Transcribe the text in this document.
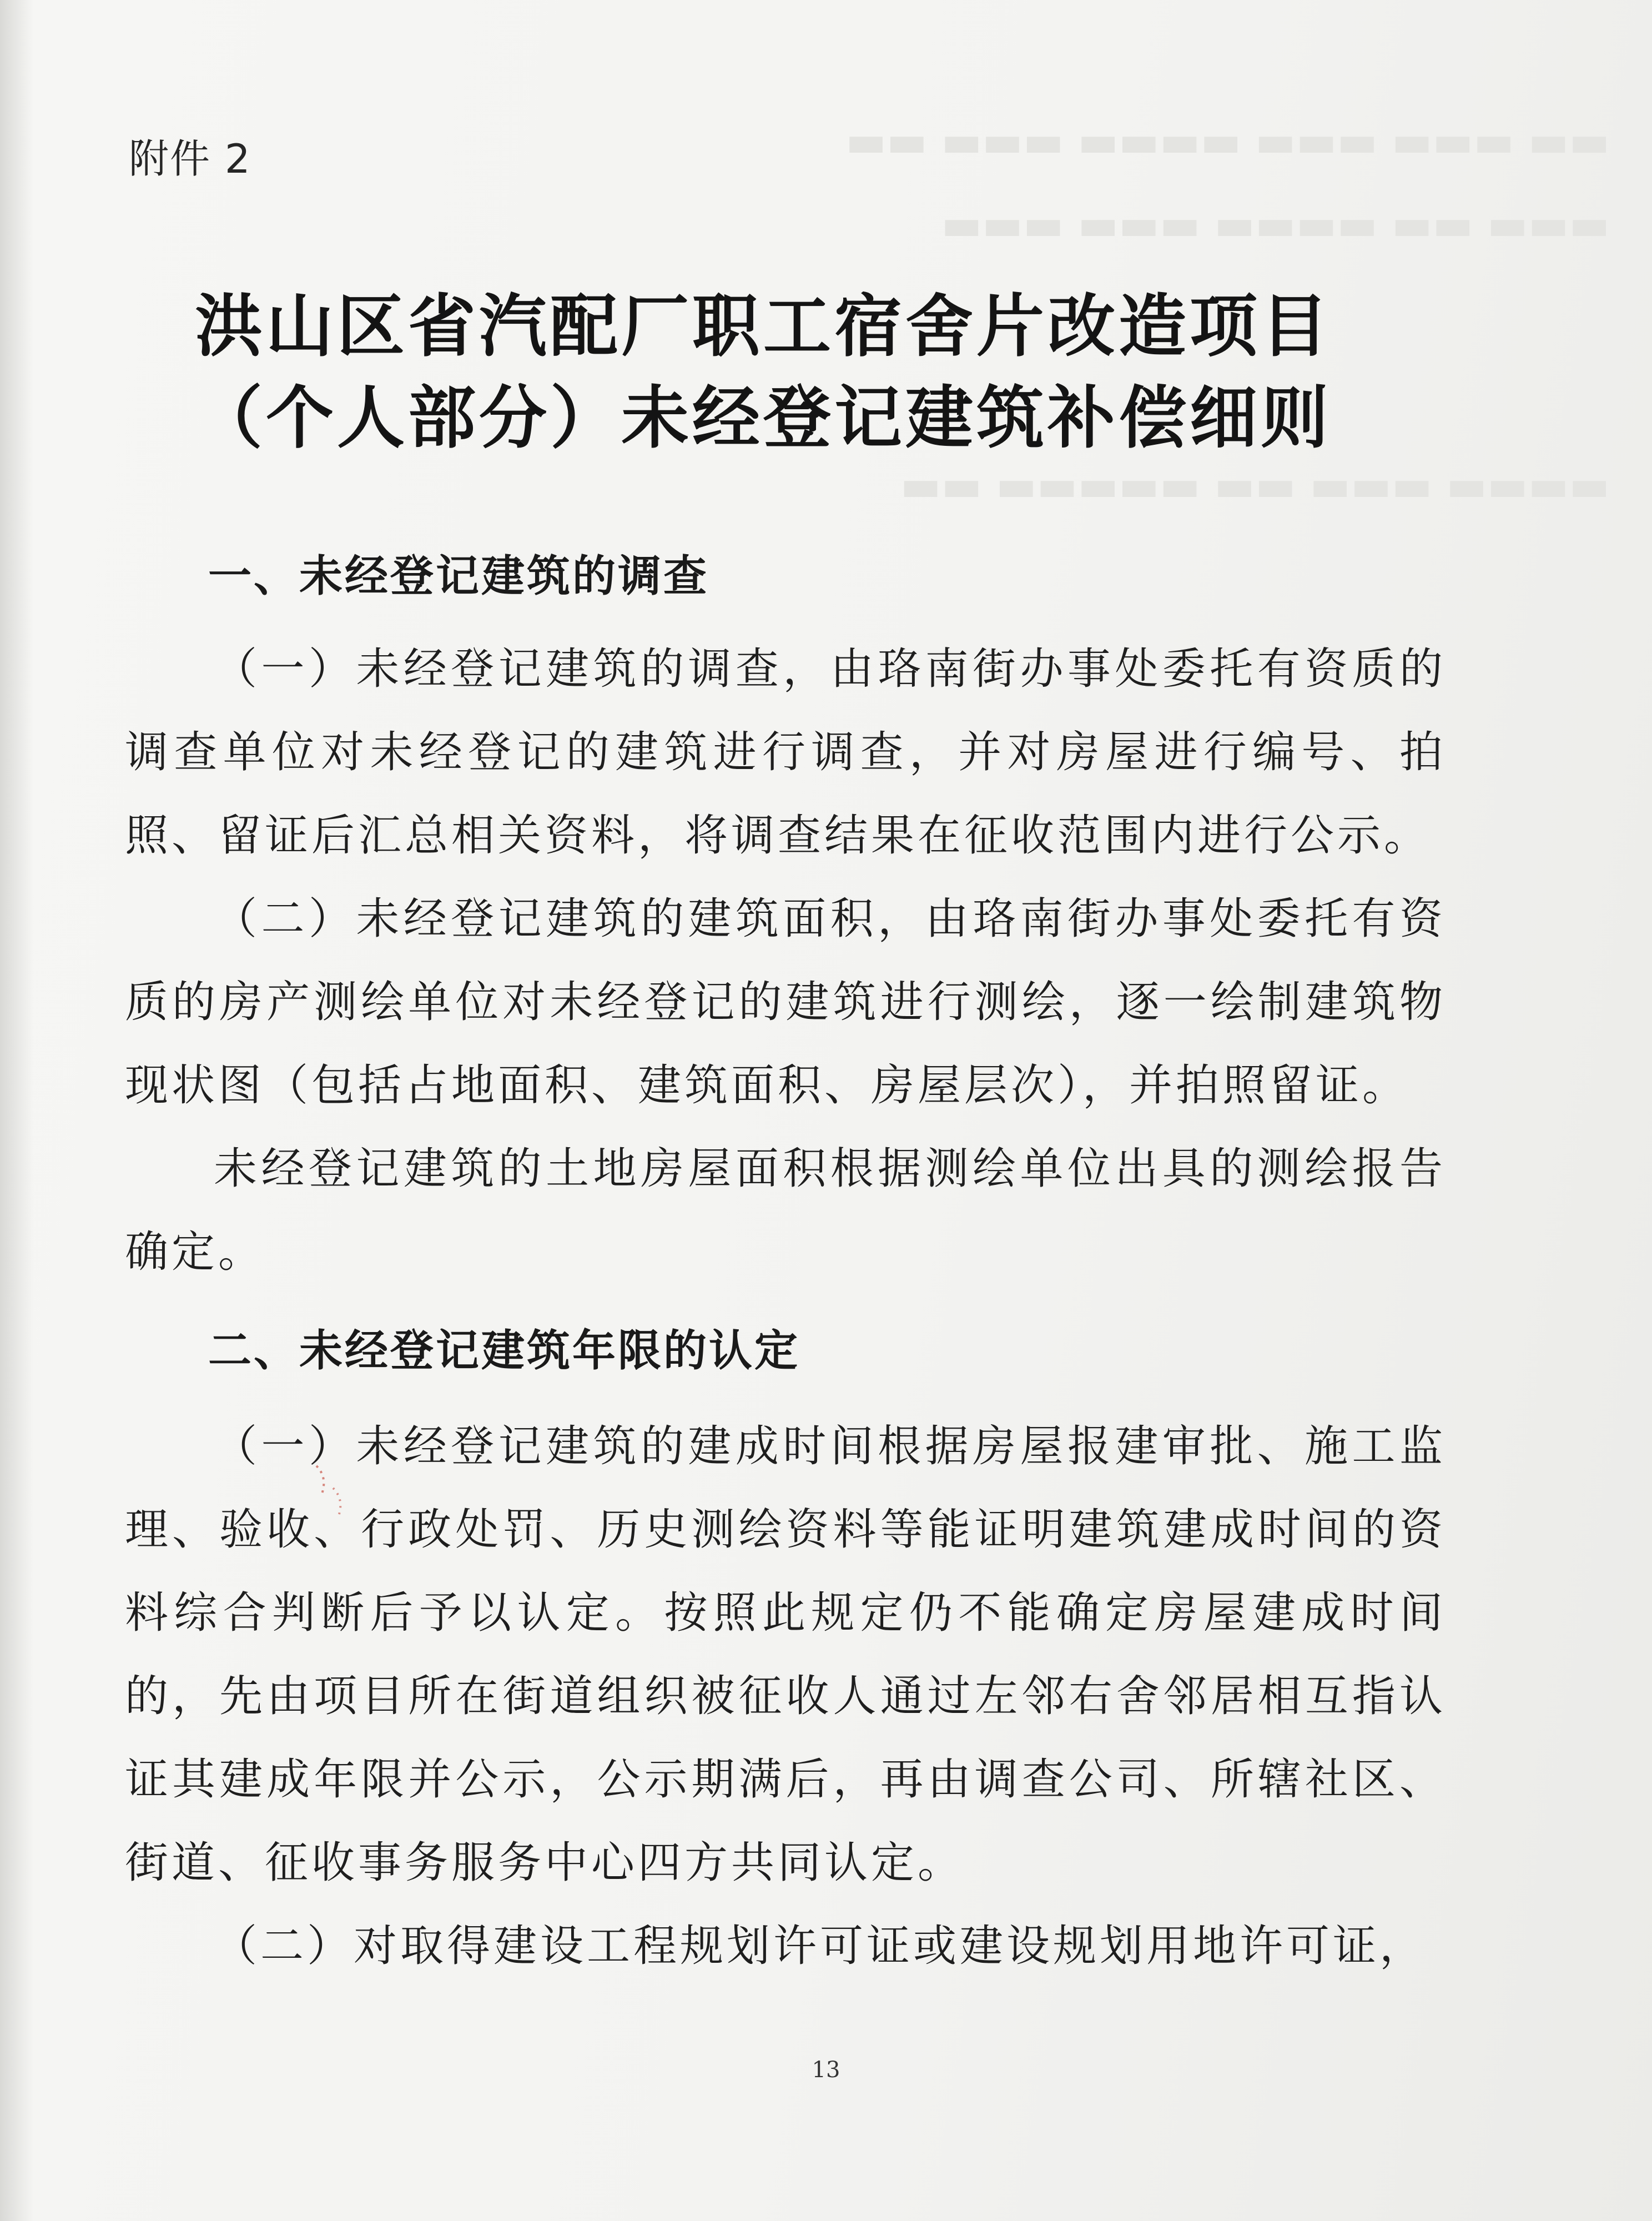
▬▬ ▬▬▬ ▬▬▬ ▬▬▬▬ ▬▬▬ ▬▬
▬▬▬ ▬▬ ▬▬▬▬ ▬▬▬ ▬▬▬
▬▬▬▬ ▬▬▬ ▬▬ ▬▬▬▬▬ ▬▬
附件 2
洪山区省汽配厂职工宿舍片改造项目
（个人部分）未经登记建筑补偿细则
一、未经登记建筑的调查
（一）未经登记建筑的调查，由珞南街办事处委托有资质的调查单位对未经登记的建筑进行调查，并对房屋进行编号、拍照、留证后汇总相关资料，将调查结果在征收范围内进行公示。
（二）未经登记建筑的建筑面积，由珞南街办事处委托有资质的房产测绘单位对未经登记的建筑进行测绘，逐一绘制建筑物现状图（包括占地面积、建筑面积、房屋层次），并拍照留证。
未经登记建筑的土地房屋面积根据测绘单位出具的测绘报告确定。
二、未经登记建筑年限的认定
（一）未经登记建筑的建成时间根据房屋报建审批、施工监理、验收、行政处罚、历史测绘资料等能证明建筑建成时间的资料综合判断后予以认定。按照此规定仍不能确定房屋建成时间的，先由项目所在街道组织被征收人通过左邻右舍邻居相互指认证其建成年限并公示，公示期满后，再由调查公司、所辖社区、街道、征收事务服务中心四方共同认定。
（二）对取得建设工程规划许可证或建设规划用地许可证，
13
